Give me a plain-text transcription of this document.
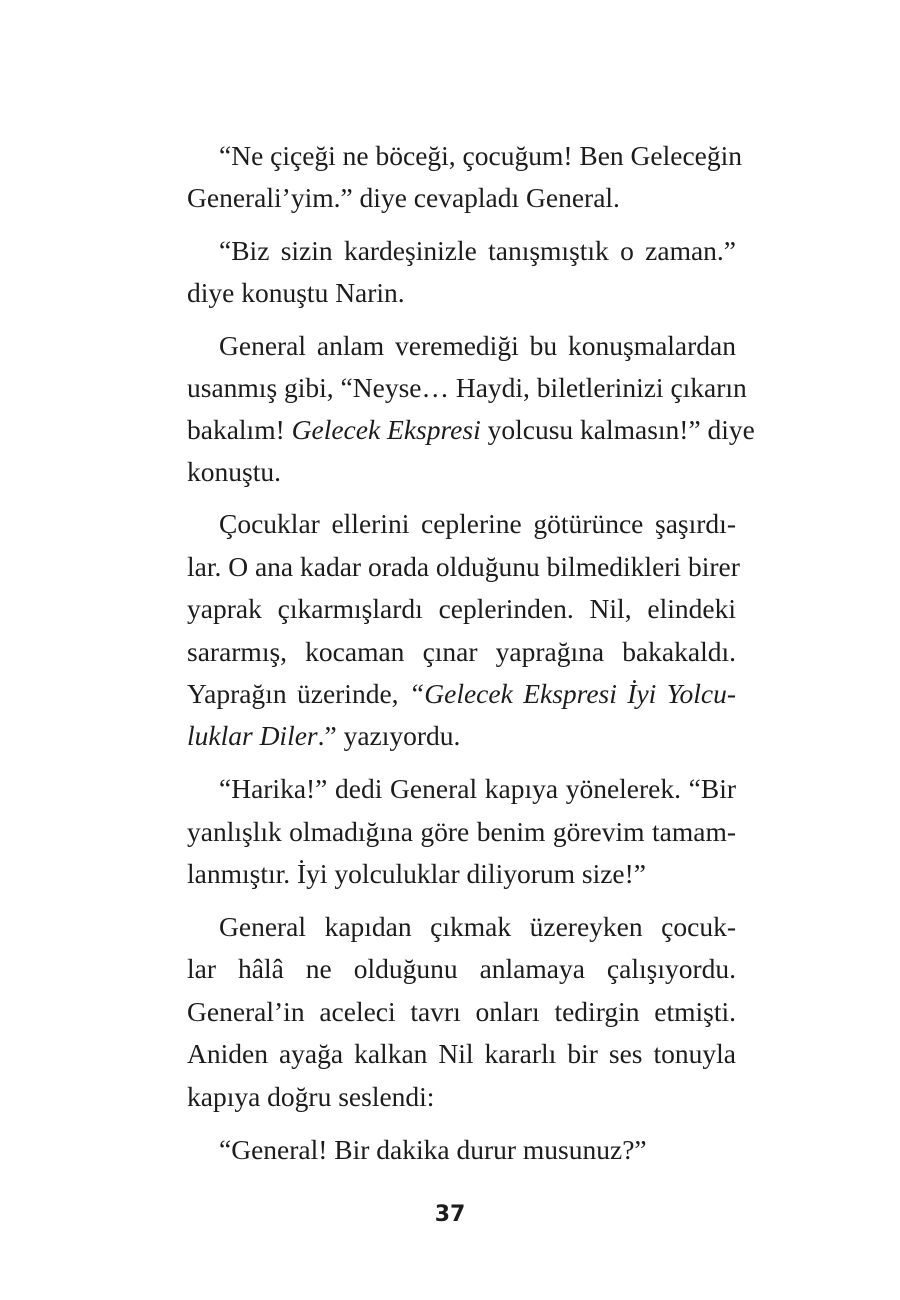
“Ne çiçeği ne böceği, çocuğum! Ben Geleceğin

Generali’yim.” diye cevapladı General.

“Biz sizin kardeşinizle tanışmıştık o zaman.”

diye konuştu Narin.

General anlam veremediği bu konuşmalardan

usanmış gibi, “Neyse… Haydi, biletlerinizi çıkarın

bakalım! Gelecek Ekspresi yolcusu kalmasın!” diye

konuştu.

Çocuklar ellerini ceplerine götürünce şaşırdı-

lar. O ana kadar orada olduğunu bilmedikleri birer

yaprak çıkarmışlardı ceplerinden. Nil, elindeki

sararmış, kocaman çınar yaprağına bakakaldı.

Yaprağın üzerinde, “Gelecek Ekspresi İyi Yolcu-

luklar Diler.” yazıyordu.

“Harika!” dedi General kapıya yönelerek. “Bir

yanlışlık olmadığına göre benim görevim tamam-

lanmıştır. İyi yolculuklar diliyorum size!”

General kapıdan çıkmak üzereyken çocuk-

lar hâlâ ne olduğunu anlamaya çalışıyordu.

General’in aceleci tavrı onları tedirgin etmişti.

Aniden ayağa kalkan Nil kararlı bir ses tonuyla

kapıya doğru seslendi:

“General! Bir dakika durur musunuz?”

37
